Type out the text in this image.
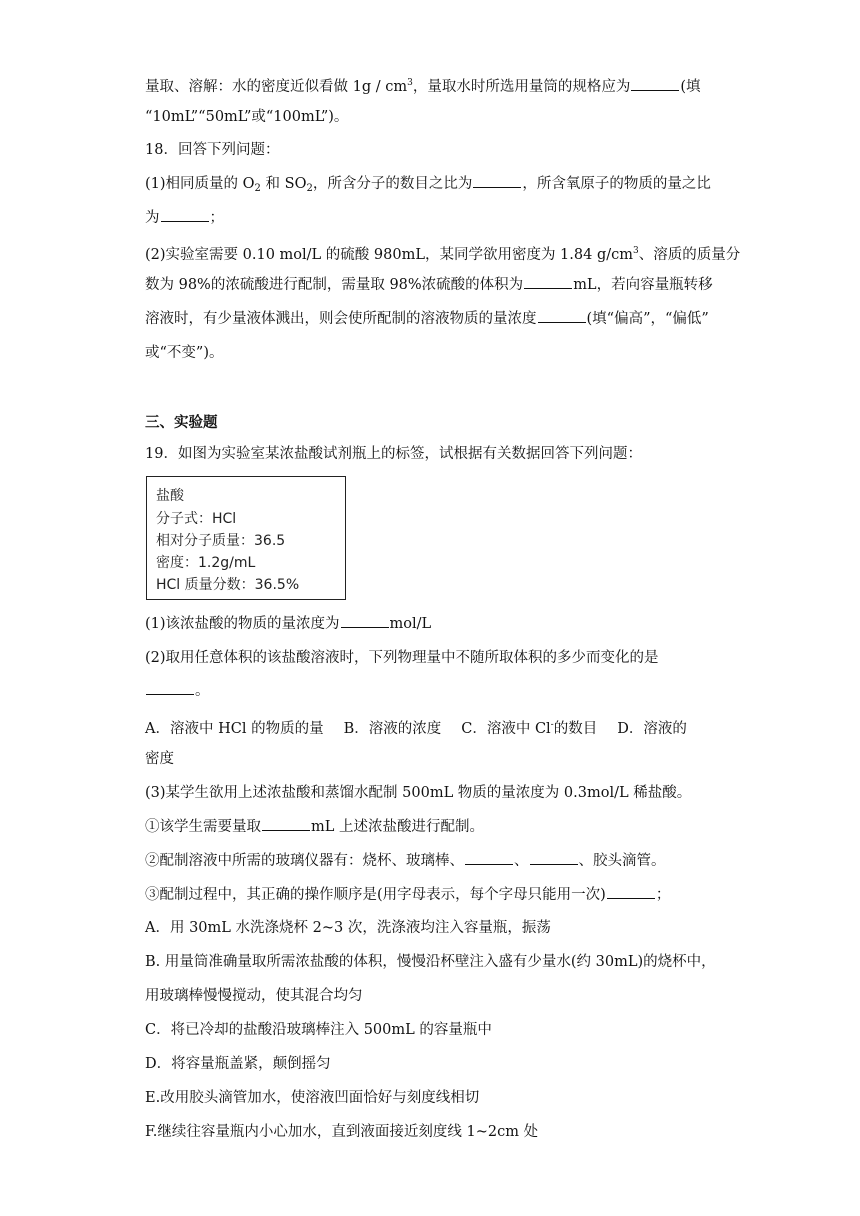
量取、溶解：水的密度近似看做 $1g / cm^3$，量取水时所选用量筒的规格应为	(填
“10mL”“50mL”或“100mL”)。
18．回答下列问题：
(1)相同质量的 $O_2$ 和 $SO_2$，所含分子的数目之比为	，所含氧原子的物质的量之比
为	；
(2)实验室需要 0.10 mol/L 的硫酸 980mL，某同学欲用密度为 1.84 $g/cm^3$、溶质的质量分
数为 98%的浓硫酸进行配制，需量取 98%浓硫酸的体积为	mL，若向容量瓶转移
溶液时，有少量液体溅出，则会使所配制的溶液物质的量浓度	(填“偏高”，“偏低”
或“不变”)。
三、实验题
19．如图为实验室某浓盐酸试剂瓶上的标签，试根据有关数据回答下列问题：
盐酸
分子式：HCl
相对分子质量：36.5
密度：1.2g/mL
HCl 质量分数：36.5%
(1)该浓盐酸的物质的量浓度为	mol/L
(2)取用任意体积的该盐酸溶液时，下列物理量中不随所取体积的多少而变化的是
。
A．溶液中 HCl 的物质的量 B．溶液的浓度 C．溶液中 Cl-的数目 D．溶液的
密度
(3)某学生欲用上述浓盐酸和蒸馏水配制 500mL 物质的量浓度为 0.3mol/L 稀盐酸。
①该学生需要量取	mL 上述浓盐酸进行配制。
②配制溶液中所需的玻璃仪器有：烧杯、玻璃棒、	、	、胶头滴管。
③配制过程中，其正确的操作顺序是(用字母表示，每个字母只能用一次)	；
A．用 30mL 水洗涤烧杯 2~3 次，洗涤液均注入容量瓶，振荡
B. 用量筒准确量取所需浓盐酸的体积，慢慢沿杯壁注入盛有少量水(约 30mL)的烧杯中，
用玻璃棒慢慢搅动，使其混合均匀
C．将已冷却的盐酸沿玻璃棒注入 500mL 的容量瓶中
D．将容量瓶盖紧，颠倒摇匀
E.改用胶头滴管加水，使溶液凹面恰好与刻度线相切
F.继续往容量瓶内小心加水，直到液面接近刻度线 1~2cm 处
